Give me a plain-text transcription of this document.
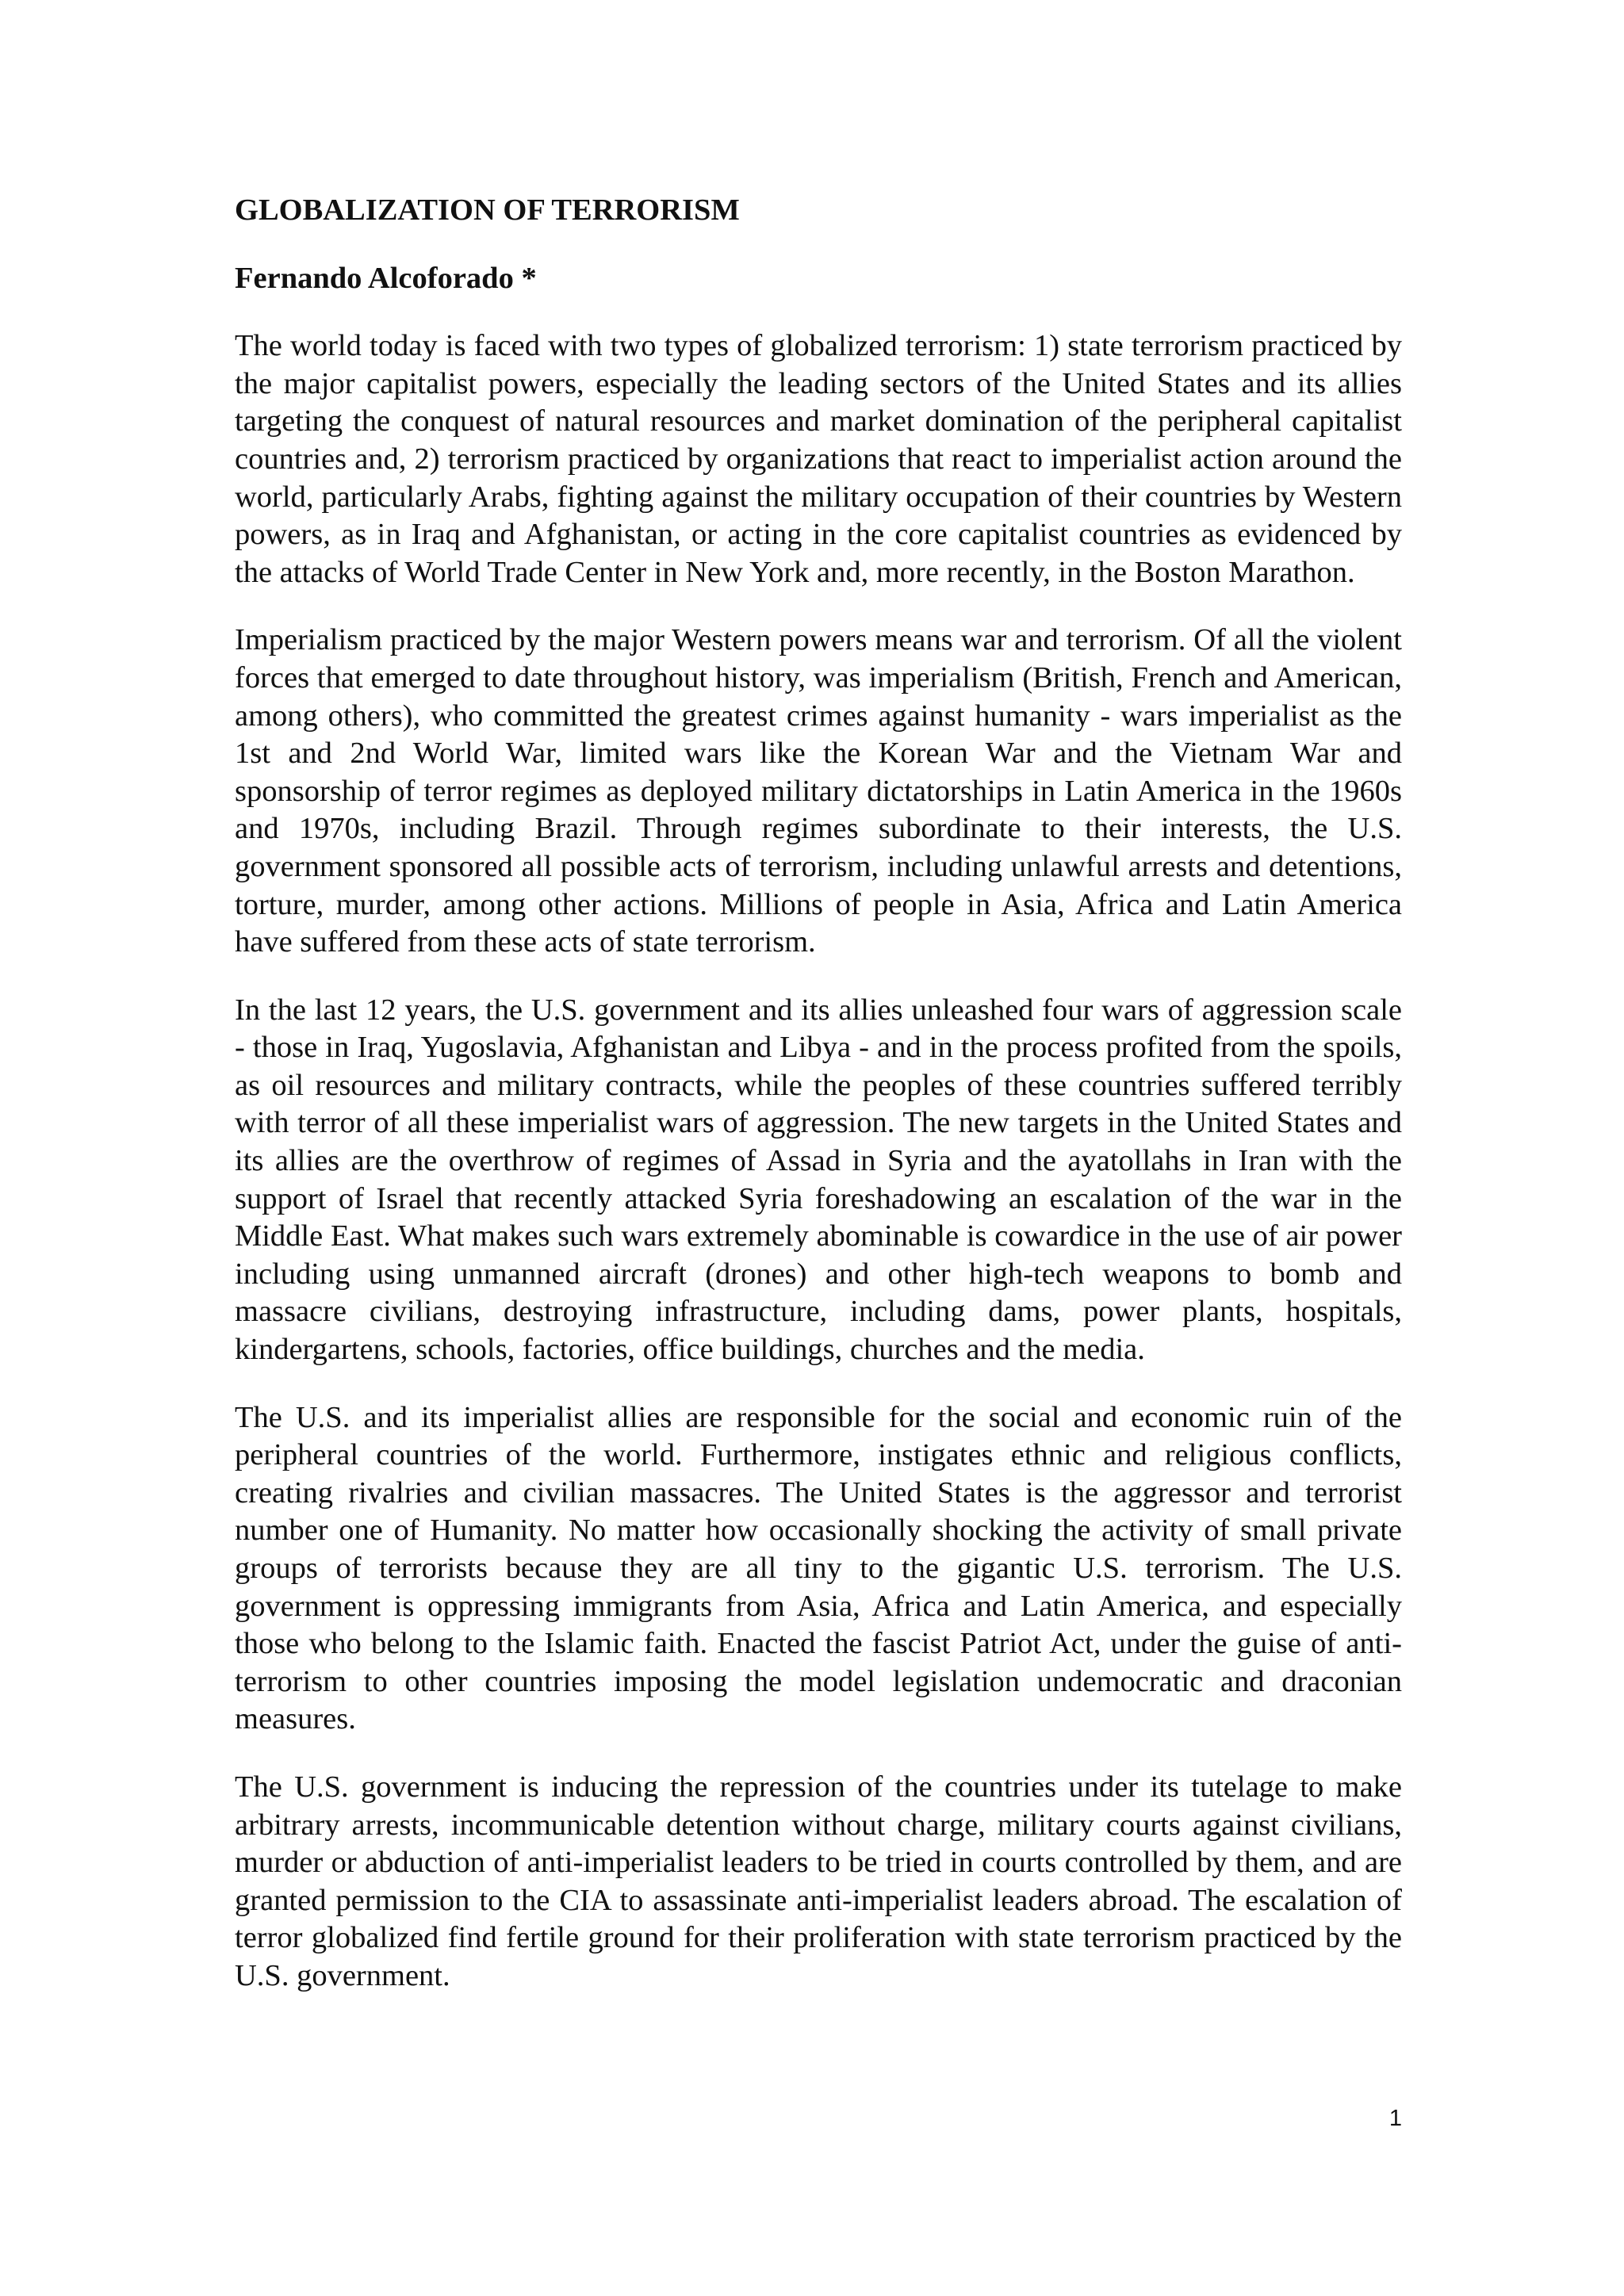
GLOBALIZATION OF TERRORISM
Fernando Alcoforado *

The world today is faced with two types of globalized terrorism: 1) state terrorism practiced by the major capitalist powers, especially the leading sectors of the United States and its allies targeting the conquest of natural resources and market domination of the peripheral capitalist countries and, 2) terrorism practiced by organizations that react to imperialist action around the world, particularly Arabs, fighting against the military occupation of their countries by Western powers, as in Iraq and Afghanistan, or acting in the core capitalist countries as evidenced by the attacks of World Trade Center in New York and, more recently, in the Boston Marathon.

Imperialism practiced by the major Western powers means war and terrorism. Of all the violent forces that emerged to date throughout history, was imperialism (British, French and American, among others), who committed the greatest crimes against humanity - wars imperialist as the 1st and 2nd World War, limited wars like the Korean War and the Vietnam War and sponsorship of terror regimes as deployed military dictatorships in Latin America in the 1960s and 1970s, including Brazil. Through regimes subordinate to their interests, the U.S. government sponsored all possible acts of terrorism, including unlawful arrests and detentions, torture, murder, among other actions. Millions of people in Asia, Africa and Latin America have suffered from these acts of state terrorism.

In the last 12 years, the U.S. government and its allies unleashed four wars of aggression scale - those in Iraq, Yugoslavia, Afghanistan and Libya - and in the process profited from the spoils, as oil resources and military contracts, while the peoples of these countries suffered terribly with terror of all these imperialist wars of aggression. The new targets in the United States and its allies are the overthrow of regimes of Assad in Syria and the ayatollahs in Iran with the support of Israel that recently attacked Syria foreshadowing an escalation of the war in the Middle East. What makes such wars extremely abominable is cowardice in the use of air power including using unmanned aircraft (drones) and other high-tech weapons to bomb and massacre civilians, destroying infrastructure, including dams, power plants, hospitals, kindergartens, schools, factories, office buildings, churches and the media.

The U.S. and its imperialist allies are responsible for the social and economic ruin of the peripheral countries of the world. Furthermore, instigates ethnic and religious conflicts, creating rivalries and civilian massacres. The United States is the aggressor and terrorist number one of Humanity. No matter how occasionally shocking the activity of small private groups of terrorists because they are all tiny to the gigantic U.S. terrorism. The U.S. government is oppressing immigrants from Asia, Africa and Latin America, and especially those who belong to the Islamic faith. Enacted the fascist Patriot Act, under the guise of anti-terrorism to other countries imposing the model legislation undemocratic and draconian measures.

The U.S. government is inducing the repression of the countries under its tutelage to make arbitrary arrests, incommunicable detention without charge, military courts against civilians, murder or abduction of anti-imperialist leaders to be tried in courts controlled by them, and are granted permission to the CIA to assassinate anti-imperialist leaders abroad. The escalation of terror globalized find fertile ground for their proliferation with state terrorism practiced by the U.S. government.

1
